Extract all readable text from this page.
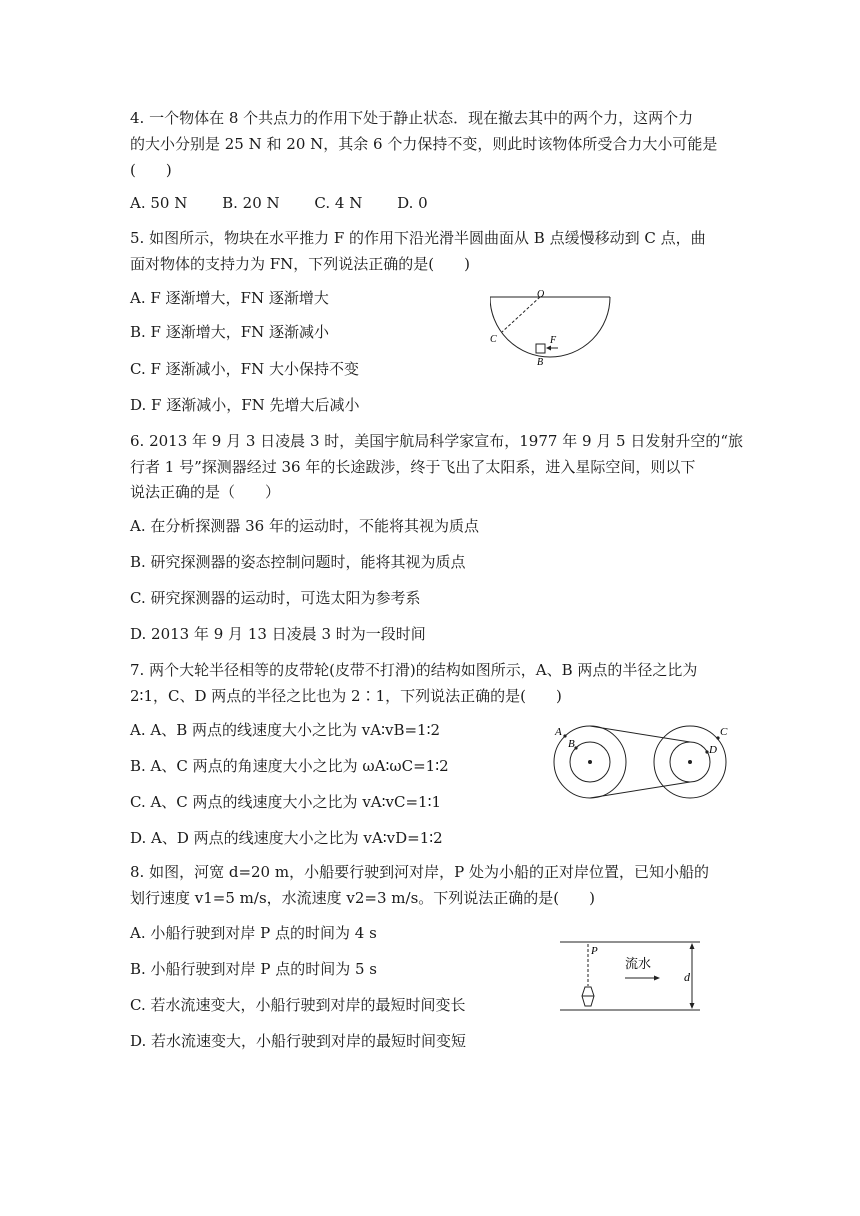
4. 一个物体在 8 个共点力的作用下处于静止状态．现在撤去其中的两个力，这两个力
的大小分别是 25 N 和 20 N，其余 6 个力保持不变，则此时该物体所受合力大小可能是
(　　)
A. 50 N　　 B. 20 N　　 C. 4 N　　 D. 0
5. 如图所示，物块在水平推力 F 的作用下沿光滑半圆曲面从 B 点缓慢移动到 C 点，曲
面对物体的支持力为 FN，下列说法正确的是(　　)
A. F 逐渐增大，FN 逐渐增大
B. F 逐渐增大，FN 逐渐减小
C. F 逐渐减小，FN 大小保持不变
D. F 逐渐减小，FN 先增大后减小
O
C	F
B
6. 2013 年 9 月 3 日凌晨 3 时，美国宇航局科学家宣布，1977 年 9 月 5 日发射升空的“旅
行者 1 号”探测器经过 36 年的长途跋涉，终于飞出了太阳系，进入星际空间，则以下
说法正确的是（　　）
A. 在分析探测器 36 年的运动时，不能将其视为质点
B. 研究探测器的姿态控制问题时，能将其视为质点
C. 研究探测器的运动时，可选太阳为参考系
D. 2013 年 9 月 13 日凌晨 3 时为一段时间
7. 两个大轮半径相等的皮带轮(皮带不打滑)的结构如图所示，A、B 两点的半径之比为
2∶1，C、D 两点的半径之比也为 2∶1，下列说法正确的是(　　)
A. A、B 两点的线速度大小之比为 vA∶vB=1∶2
B. A、C 两点的角速度大小之比为 ωA∶ωC=1∶2
C. A、C 两点的线速度大小之比为 vA∶vC=1∶1
D. A、D 两点的线速度大小之比为 vA∶vD=1∶2
A
B
C
D
8. 如图，河宽 d=20 m，小船要行驶到河对岸，P 处为小船的正对岸位置，已知小船的
划行速度 v1=5 m/s，水流速度 v2=3 m/s。下列说法正确的是(　　)
A. 小船行驶到对岸 P 点的时间为 4 s
B. 小船行驶到对岸 P 点的时间为 5 s
C. 若水流速变大，小船行驶到对岸的最短时间变长
D. 若水流速变大，小船行驶到对岸的最短时间变短
P
流水
d
